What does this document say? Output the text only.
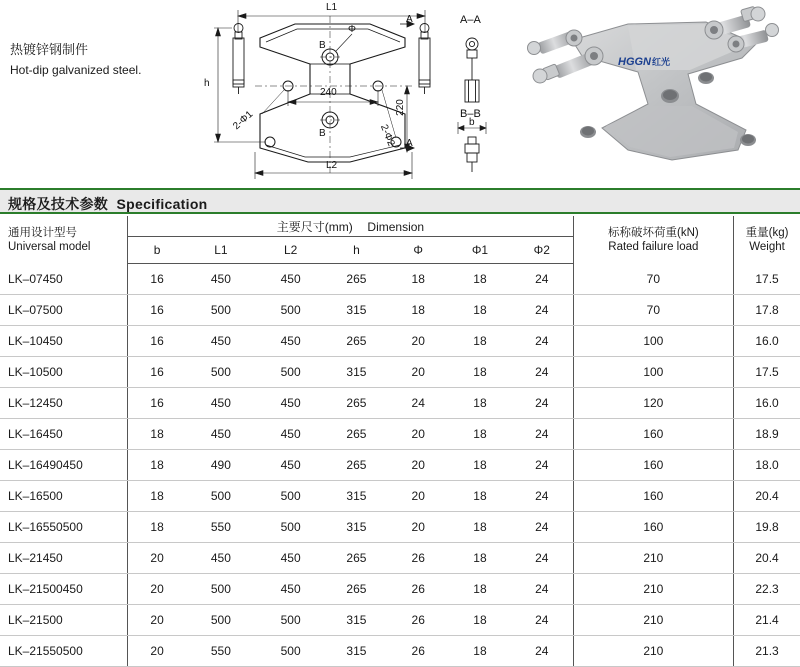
热镀锌钢制件
Hot-dip galvanized steel.
L1
L2
h
Φ
240
220
A
A
B
B
2-Φ1
2-Φ2
A–A
B–B
b
HGGN红光
规格及技术参数 Specification
通用设计型号
Universal model
	主要尺寸(mm) Dimension	标称破坏荷重(kN)
Rated failure load

重量(kg)
Weight

	b	L1	L2	h	Φ	Φ1	Φ2		
LK–07450	16	450	450	265	18	18	24	70	17.5
LK–07500	16	500	500	315	18	18	24	70	17.8
LK–10450	16	450	450	265	20	18	24	100	16.0
LK–10500	16	500	500	315	20	18	24	100	17.5
LK–12450	16	450	450	265	24	18	24	120	16.0
LK–16450	18	450	450	265	20	18	24	160	18.9
LK–16490450	18	490	450	265	20	18	24	160	18.0
LK–16500	18	500	500	315	20	18	24	160	20.4
LK–16550500	18	550	500	315	20	18	24	160	19.8
LK–21450	20	450	450	265	26	18	24	210	20.4
LK–21500450	20	500	450	265	26	18	24	210	22.3
LK–21500	20	500	500	315	26	18	24	210	21.4
LK–21550500	20	550	500	315	26	18	24	210	21.3
